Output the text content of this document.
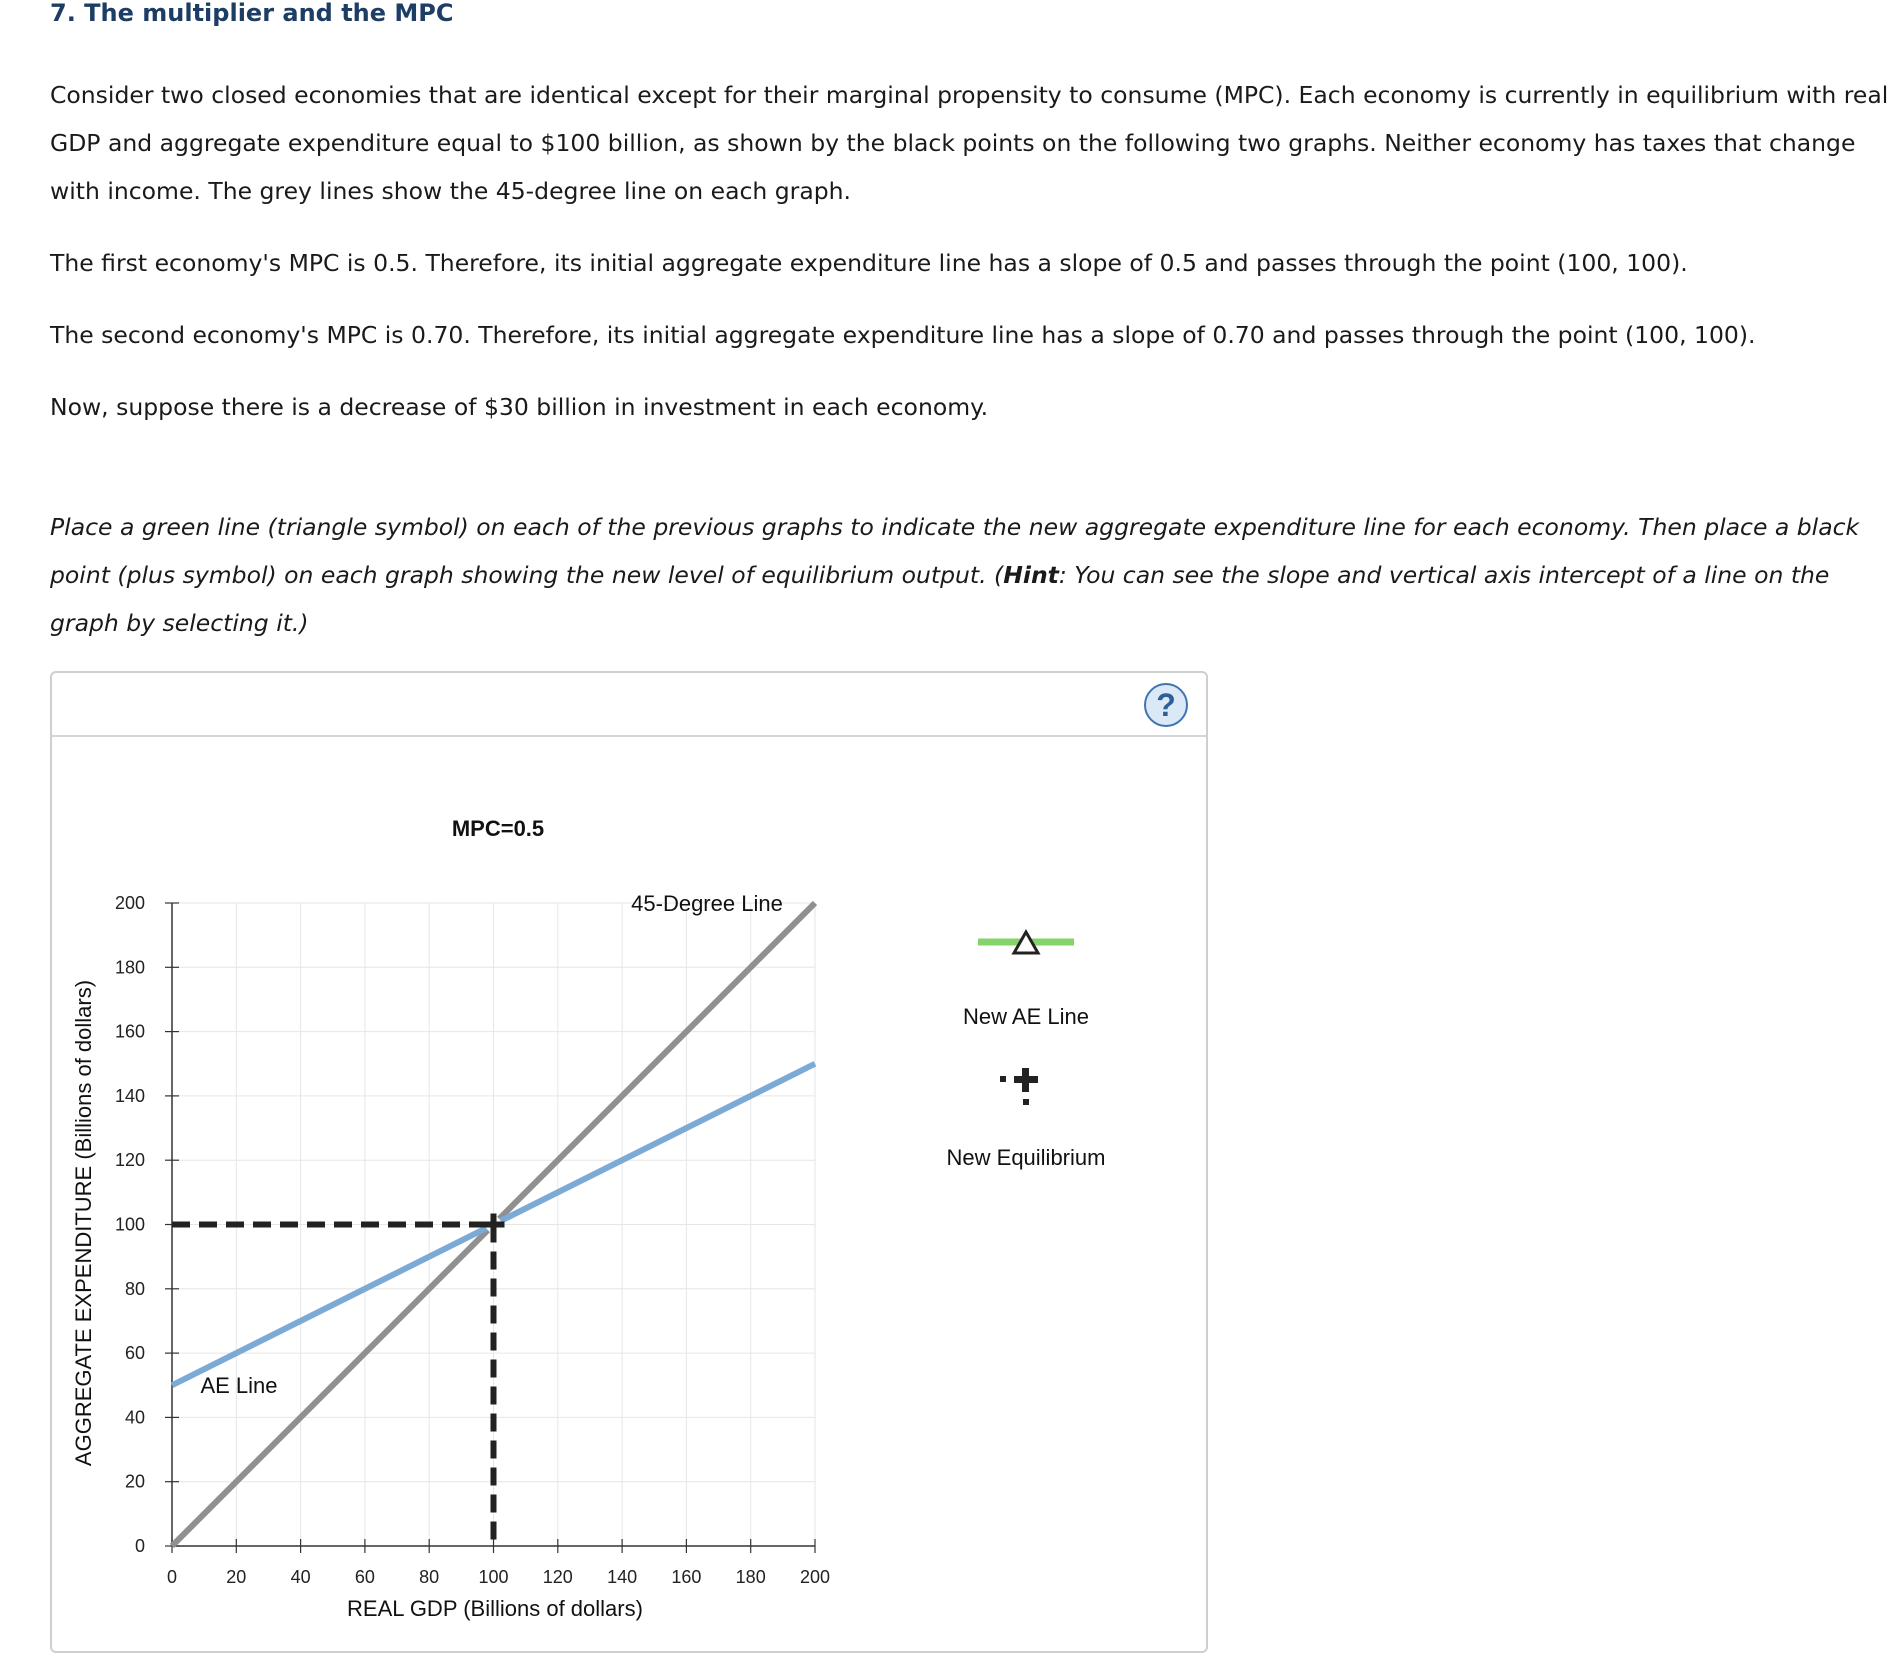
7. The multiplier and the MPC

Consider two closed economies that are identical except for their marginal propensity to consume (MPC). Each economy is currently in equilibrium with real GDP and aggregate expenditure equal to $100 billion, as shown by the black points on the following two graphs. Neither economy has taxes that change with income. The grey lines show the 45-degree line on each graph.

The first economy's MPC is 0.5. Therefore, its initial aggregate expenditure line has a slope of 0.5 and passes through the point (100, 100).

The second economy's MPC is 0.70. Therefore, its initial aggregate expenditure line has a slope of 0.70 and passes through the point (100, 100).

Now, suppose there is a decrease of $30 billion in investment in each economy.

Place a green line (triangle symbol) on each of the previous graphs to indicate the new aggregate expenditure line for each economy. Then place a black point (plus symbol) on each graph showing the new level of equilibrium output. (Hint: You can see the slope and vertical axis intercept of a line on the graph by selecting it.)

?
0	20 40 60 80 100 120 140 160 180 200
0
20
40
60
80
100
120
140
160
180
200
MPC=0.5
REAL GDP (Billions of dollars)
AGGREGATE EXPENDITURE (Billions of dollars)
45-Degree Line
AE Line
New AE Line
New Equilibrium
